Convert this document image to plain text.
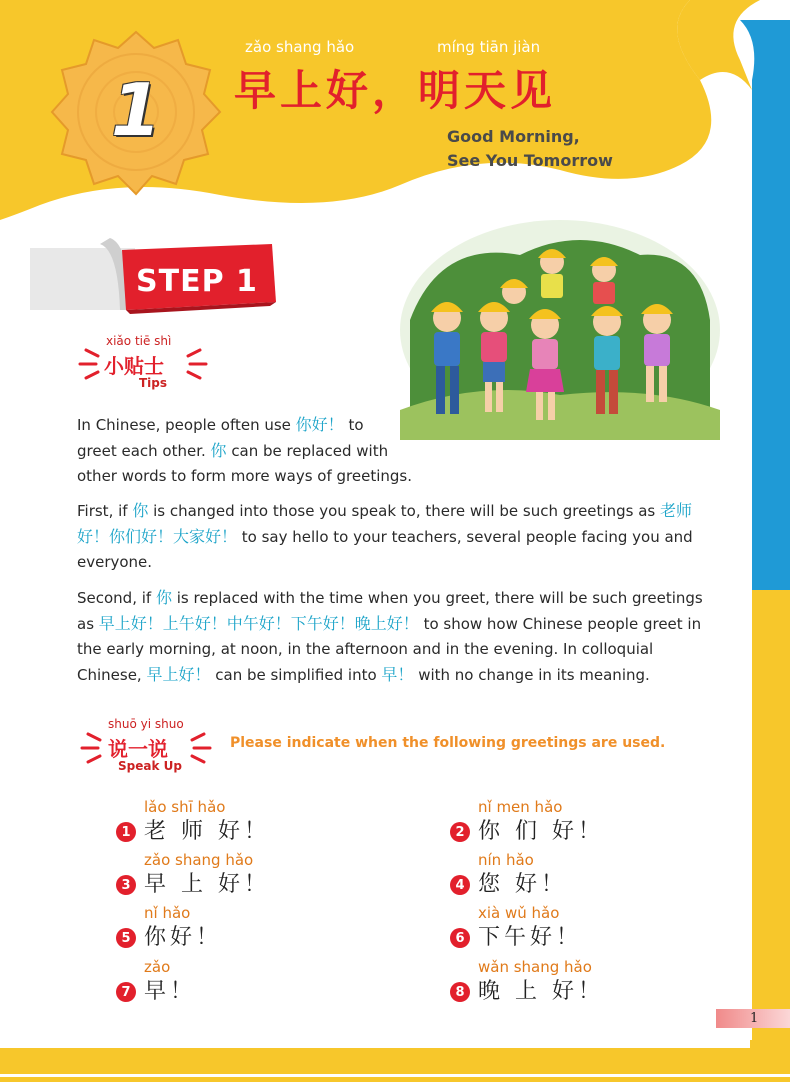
1
zǎo shang hǎo	míng tiān jiàn
早上好，明天见
Good Morning,
See You Tomorrow
STEP 1
xiǎo tiē shì
小贴士
Tips
In Chinese, people often use 你好！ to
greet each other. 你 can be replaced with
other words to form more ways of greetings.
First, if 你 is changed into those you speak to, there will be such greetings as 老师好！你们好！大家好！ to say hello to your teachers, several people facing you and everyone.
Second, if 你 is replaced with the time when you greet, there will be such greetings as 早上好！上午好！中午好！下午好！晚上好！ to show how Chinese people greet in the early morning, at noon, in the afternoon and in the evening. In colloquial Chinese, 早上好！ can be simplified into 早！ with no change in its meaning.
shuō yi shuo
说一说
Speak Up
Please indicate when the following greetings are used.
lǎo shī hǎo
1 老 师 好！
nǐ men hǎo
2 你 们 好！
zǎo shang hǎo
3 早 上 好！
nín hǎo
4 您 好！
nǐ hǎo
5 你好！
xià wǔ hǎo
6 下午好！
zǎo
7 早！
wǎn shang hǎo
8 晚 上 好！
1
